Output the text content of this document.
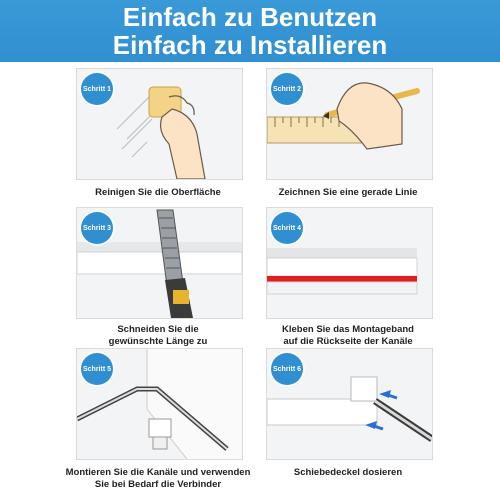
Einfach zu Benutzen
Einfach zu Installieren
Schritt 1
Reinigen Sie die Oberfläche
Schritt 2
Zeichnen Sie eine gerade Linie
Schritt 3
Schneiden Sie die
gewünschte Länge zu
Schritt 4
Kleben Sie das Montageband
auf die Rückseite der Kanäle
Schritt 5
Montieren Sie die Kanäle und verwenden
Sie bei Bedarf die Verbinder
Schritt 6
Schiebedeckel dosieren
